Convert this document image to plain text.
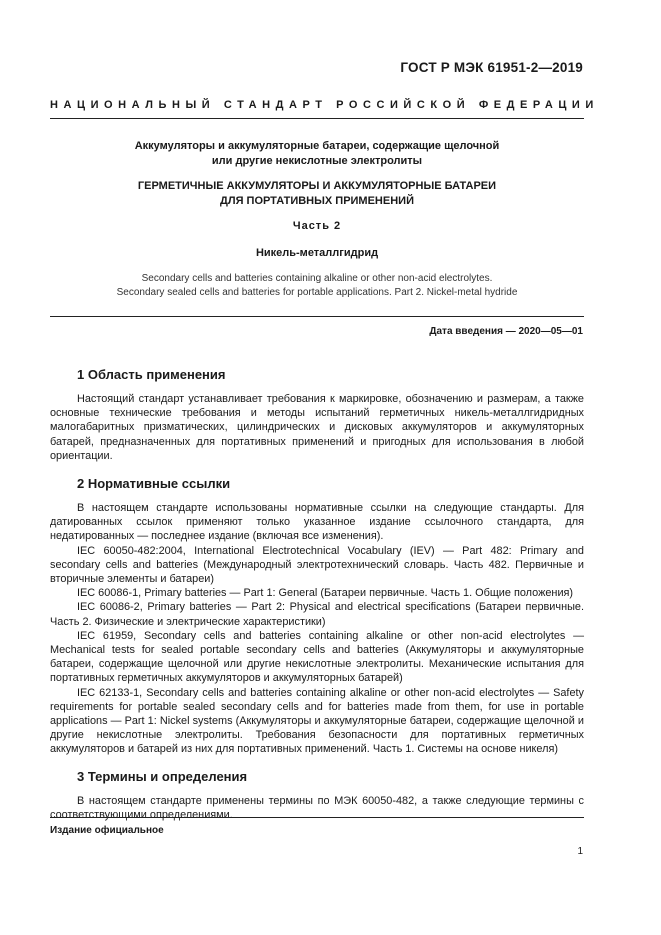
ГОСТ Р МЭК 61951-2—2019
НАЦИОНАЛЬНЫЙ СТАНДАРТ РОССИЙСКОЙ ФЕДЕРАЦИИ
Аккумуляторы и аккумуляторные батареи, содержащие щелочной
или другие некислотные электролиты
ГЕРМЕТИЧНЫЕ АККУМУЛЯТОРЫ И АККУМУЛЯТОРНЫЕ БАТАРЕИ
ДЛЯ ПОРТАТИВНЫХ ПРИМЕНЕНИЙ
Часть 2
Никель-металлгидрид
Secondary cells and batteries containing alkaline or other non-acid electrolytes.
Secondary sealed cells and batteries for portable applications. Part 2. Nickel-metal hydride
Дата введения — 2020—05—01
1 Область применения

Настоящий стандарт устанавливает требования к маркировке, обозначению и размерам, а также основные технические требования и методы испытаний герметичных никель-металлгидридных малогабаритных призматических, цилиндрических и дисковых аккумуляторов и аккумуляторных батарей, предназначенных для портативных применений и пригодных для использования в любой ориентации.

2 Нормативные ссылки

В настоящем стандарте использованы нормативные ссылки на следующие стандарты. Для датированных ссылок применяют только указанное издание ссылочного стандарта, для недатированных — последнее издание (включая все изменения).

IEC 60050-482:2004, International Electrotechnical Vocabulary (IEV) — Part 482: Primary and secondary cells and batteries (Международный электротехнический словарь. Часть 482. Первичные и вторичные элементы и батареи)

IEC 60086-1, Primary batteries — Part 1: General (Батареи первичные. Часть 1. Общие положения)

IEC 60086-2, Primary batteries — Part 2: Physical and electrical specifications (Батареи первичные. Часть 2. Физические и электрические характеристики)

IEC 61959, Secondary cells and batteries containing alkaline or other non-acid electrolytes — Mechanical tests for sealed portable secondary cells and batteries (Аккумуляторы и аккумуляторные батареи, содержащие щелочной или другие некислотные электролиты. Механические испытания для портативных герметичных аккумуляторов и аккумуляторных батарей)

IEC 62133-1, Secondary cells and batteries containing alkaline or other non-acid electrolytes — Safety requirements for portable sealed secondary cells and for batteries made from them, for use in portable applications — Part 1: Nickel systems (Аккумуляторы и аккумуляторные батареи, содержащие щелочной и другие некислотные электролиты. Требования безопасности для портативных герметичных аккумуляторов и батарей из них для портативных применений. Часть 1. Системы на основе никеля)

3 Термины и определения

В настоящем стандарте применены термины по МЭК 60050-482, а также следующие термины с соответствующими определениями.

Издание официальное
1
